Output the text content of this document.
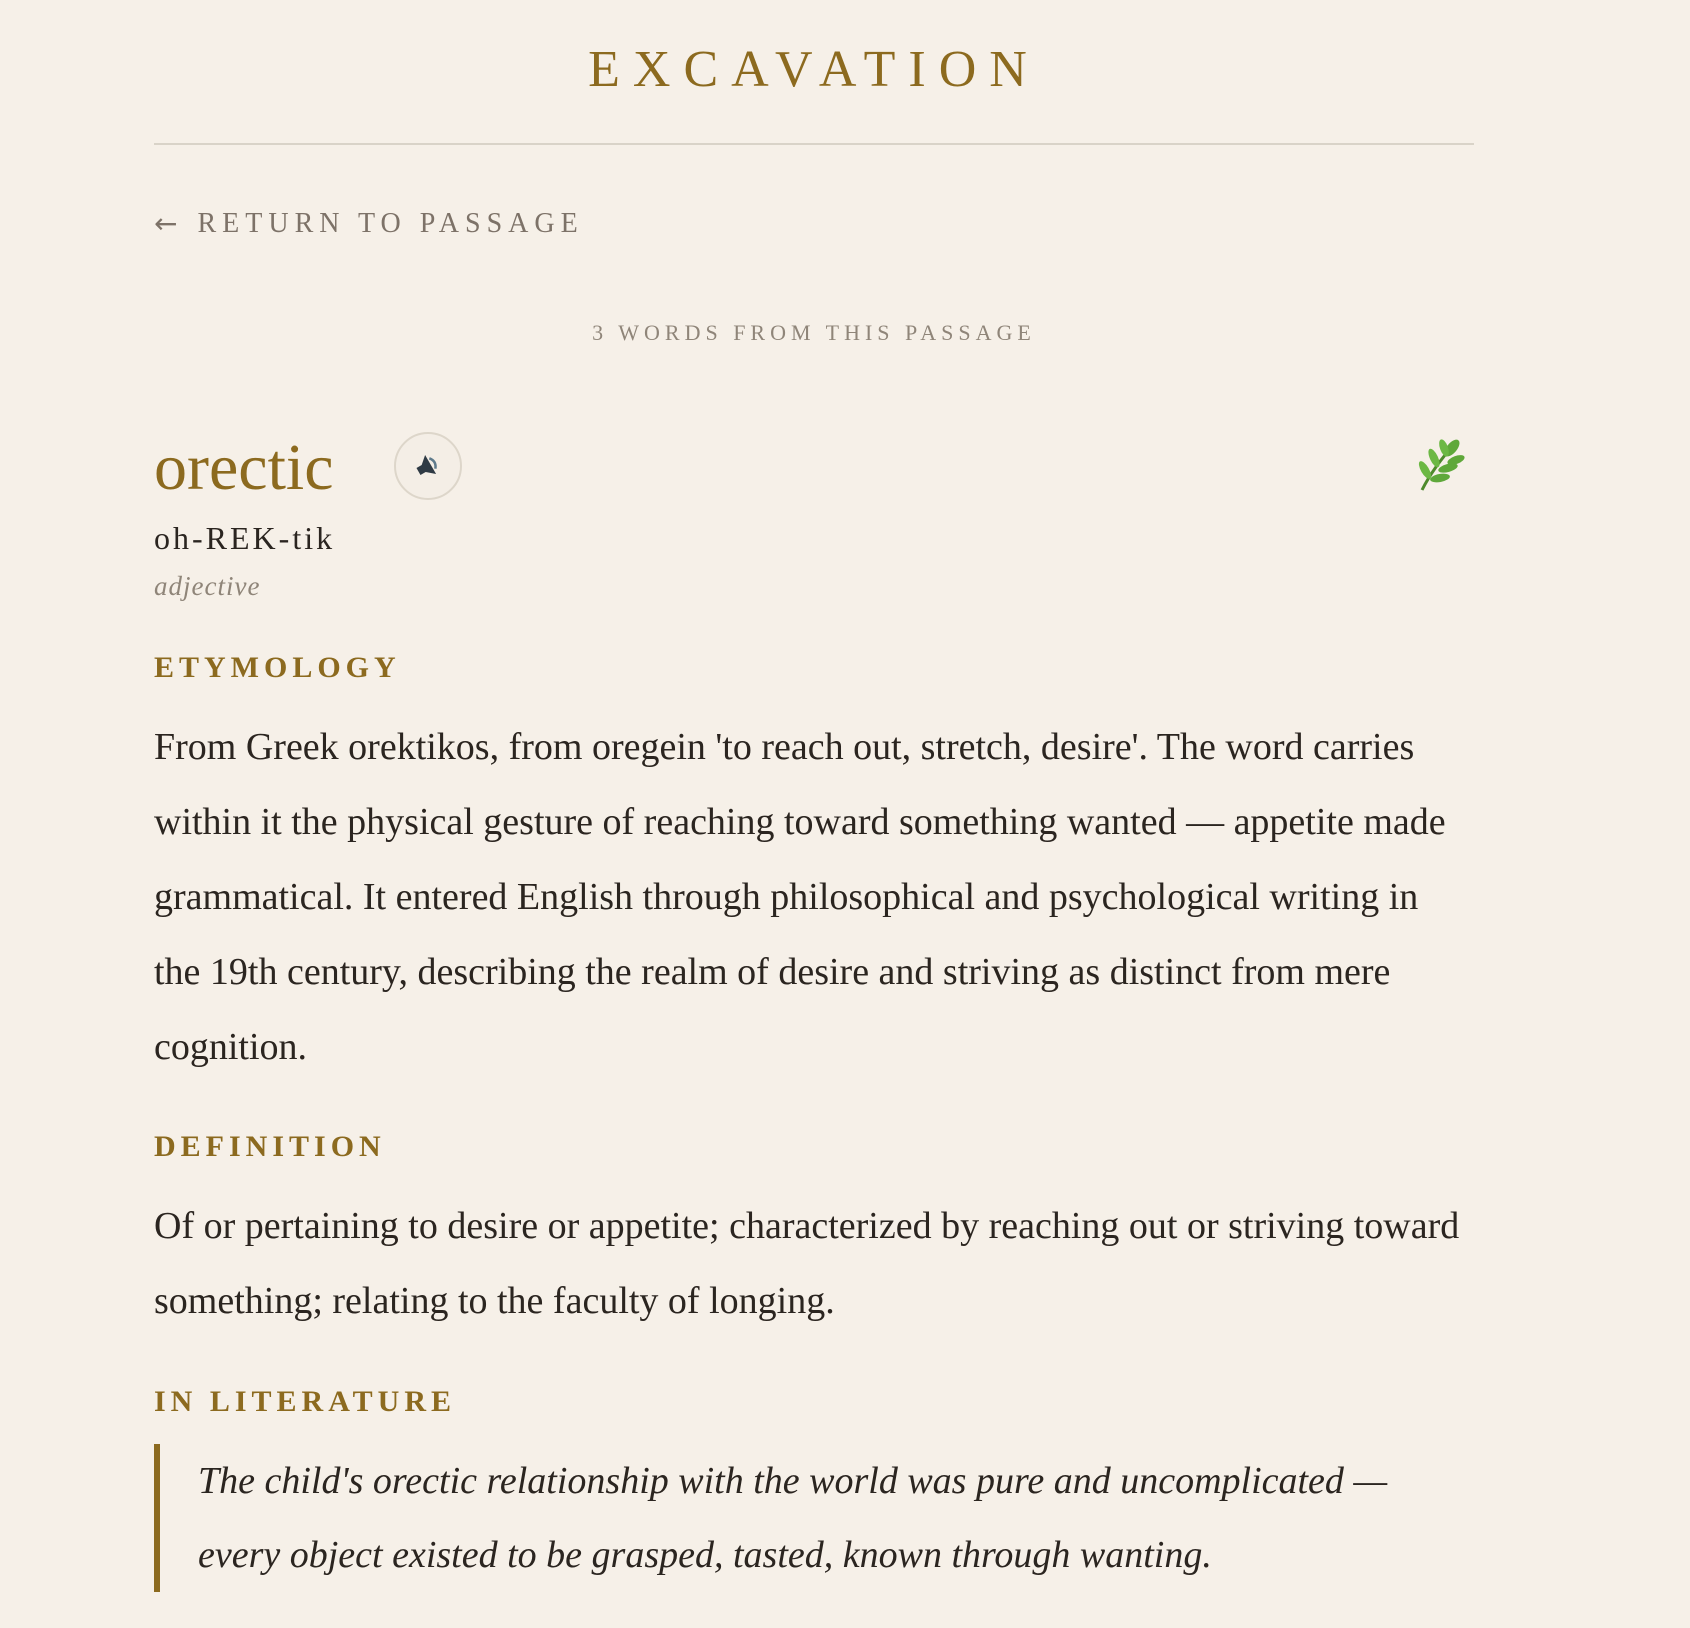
EXCAVATION
← RETURN TO PASSAGE
3 WORDS FROM THIS PASSAGE
orectic
oh-REK-tik
adjective
ETYMOLOGY
From Greek orektikos, from oregein 'to reach out, stretch, desire'. The word carries within it the physical gesture of reaching toward something wanted — appetite made grammatical. It entered English through philosophical and psychological writing in the 19th century, describing the realm of desire and striving as distinct from mere cognition.
DEFINITION
Of or pertaining to desire or appetite; characterized by reaching out or striving toward something; relating to the faculty of longing.
IN LITERATURE
The child's orectic relationship with the world was pure and uncomplicated — every object existed to be grasped, tasted, known through wanting.
